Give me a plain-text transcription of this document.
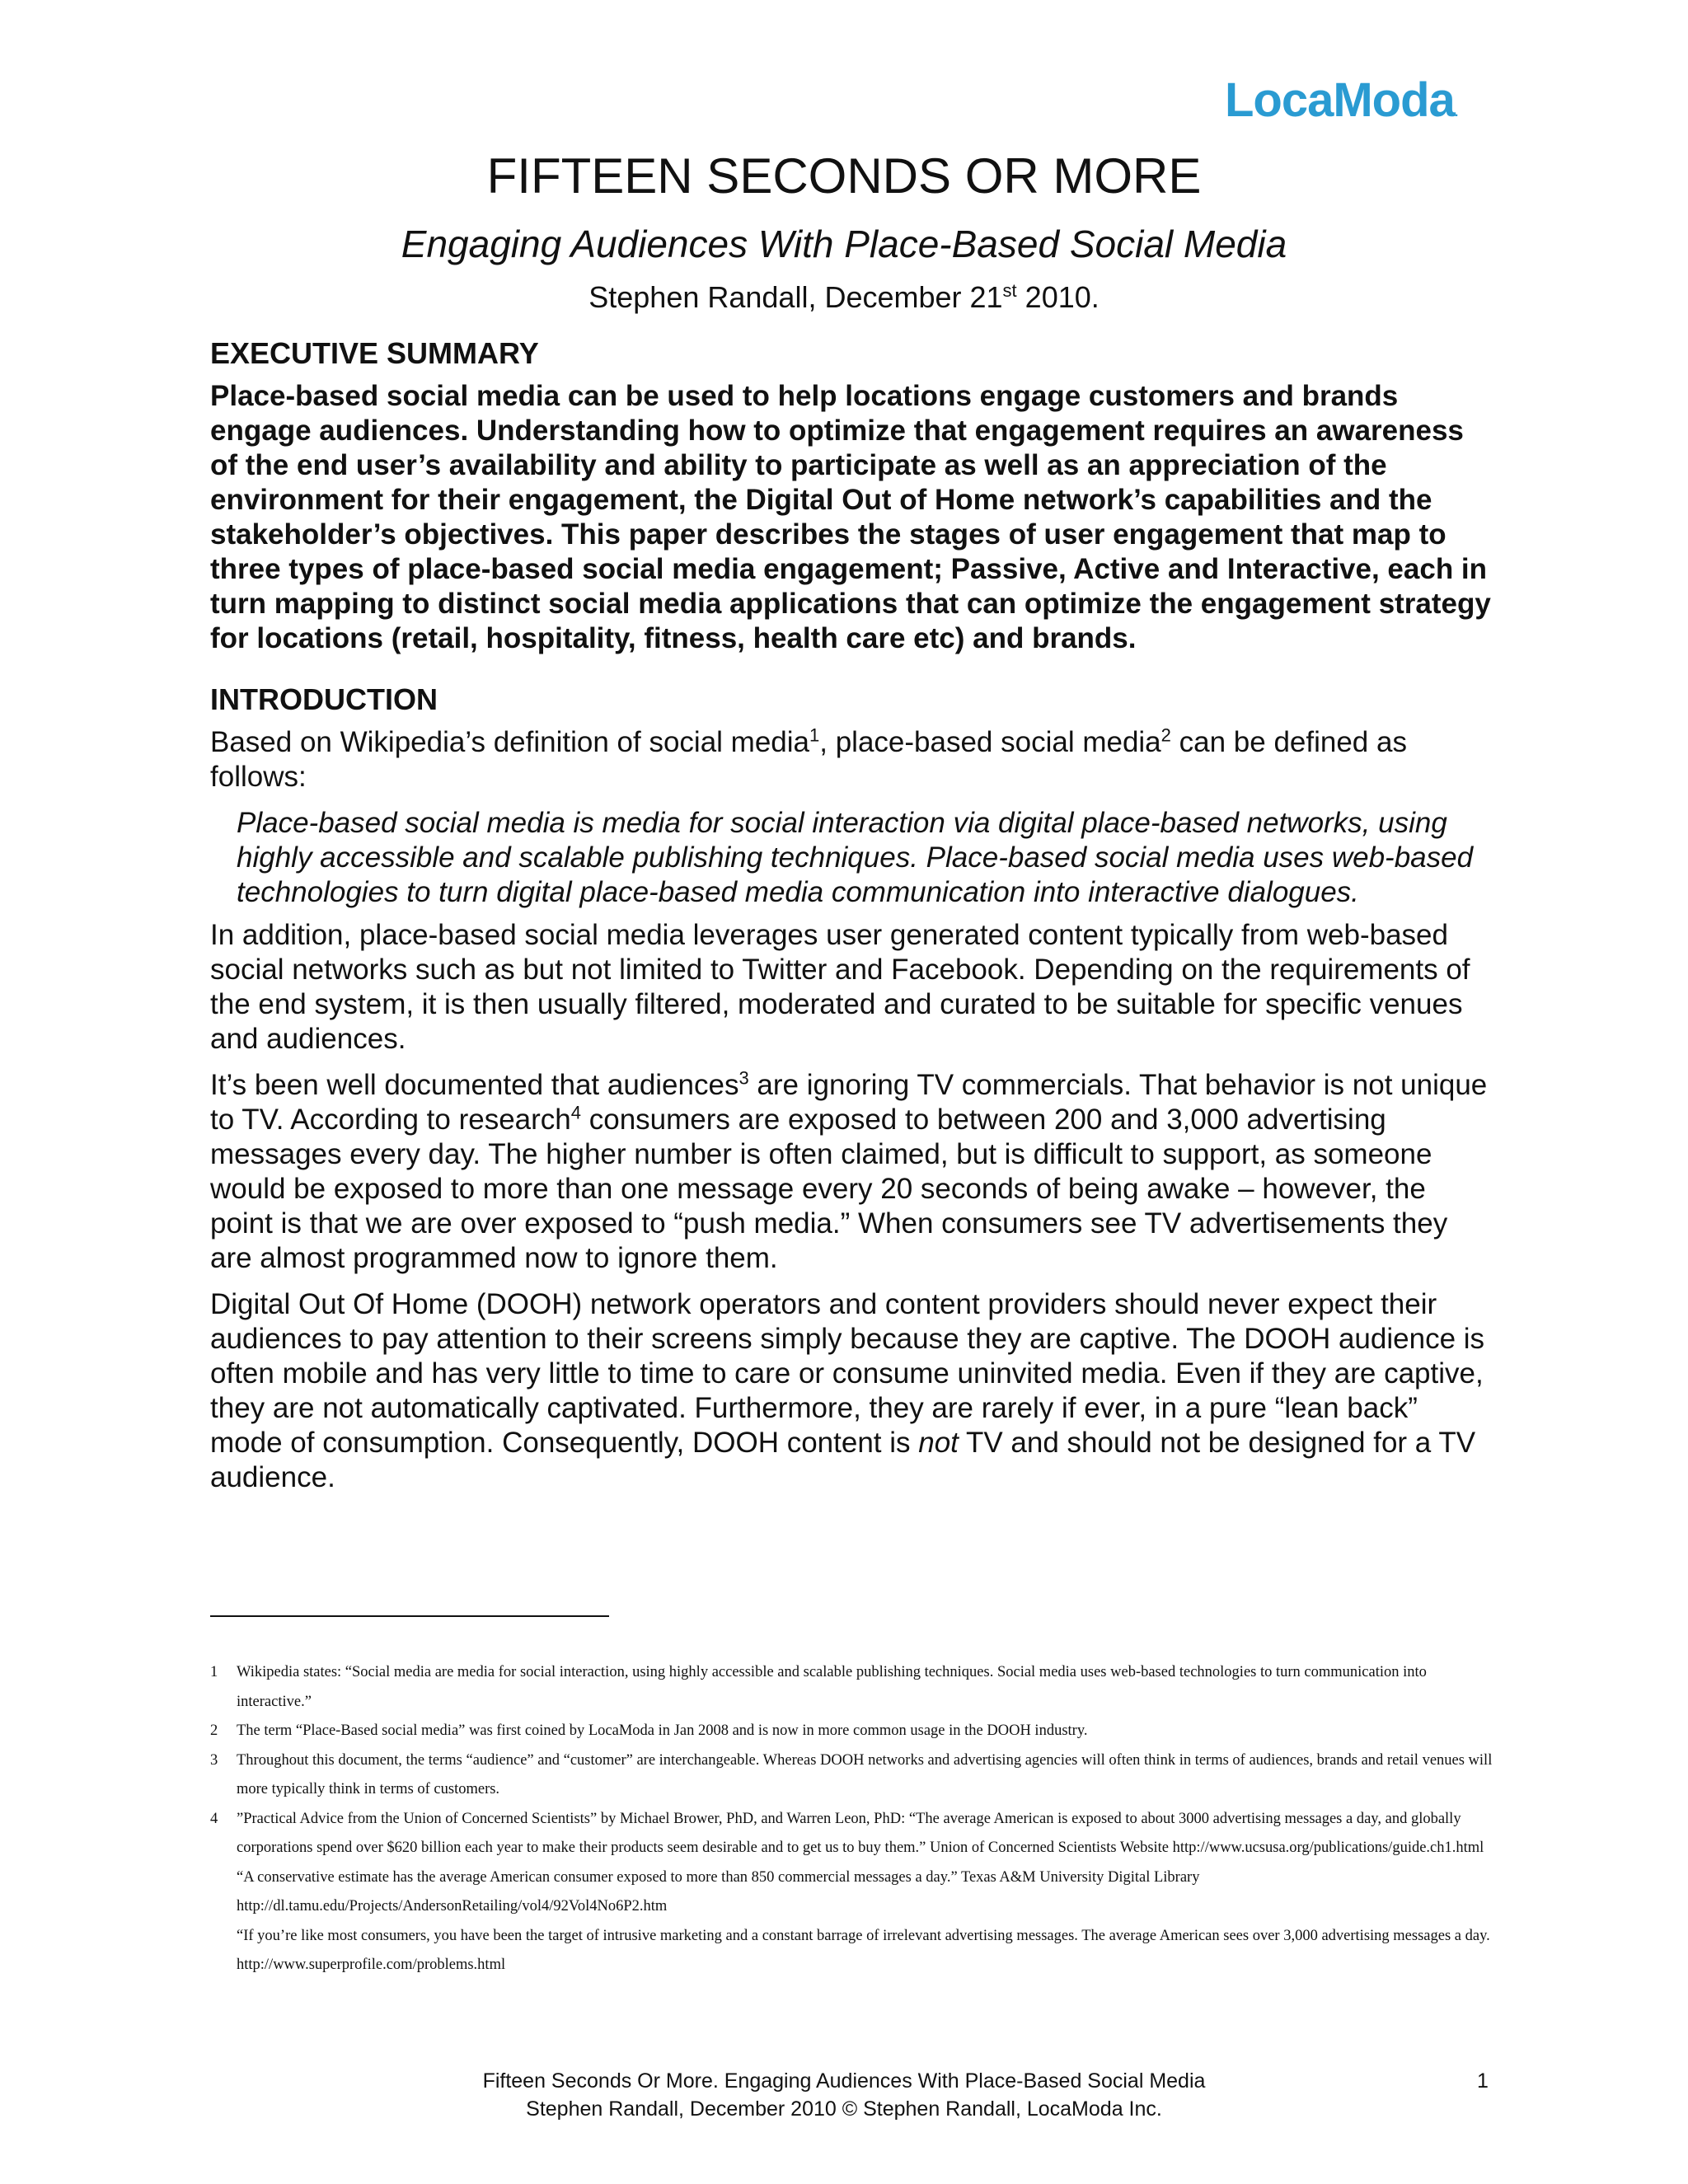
LocaModa.
FIFTEEN SECONDS OR MORE
Engaging Audiences With Place-Based Social Media
Stephen Randall, December 21st 2010.
EXECUTIVE SUMMARY
Place-based social media can be used to help locations engage customers and brands engage audiences. Understanding how to optimize that engagement requires an awareness of the end user’s availability and ability to participate as well as an appreciation of the environment for their engagement, the Digital Out of Home network’s capabilities and the stakeholder’s objectives. This paper describes the stages of user engagement that map to three types of place-based social media engagement; Passive, Active and Interactive, each in turn mapping to distinct social media applications that can optimize the engagement strategy for locations (retail, hospitality, fitness, health care etc) and brands.
INTRODUCTION
Based on Wikipedia’s definition of social media$^1$, place-based social media$^2$ can be defined as follows:
Place-based social media is media for social interaction via digital place-based networks, using highly accessible and scalable publishing techniques. Place-based social media uses web-based technologies to turn digital place-based media communication into interactive dialogues.
In addition, place-based social media leverages user generated content typically from web-based social networks such as but not limited to Twitter and Facebook. Depending on the requirements of the end system, it is then usually filtered, moderated and curated to be suitable for specific venues and audiences.
It’s been well documented that audiences$^3$ are ignoring TV commercials. That behavior is not unique to TV. According to research$^4$ consumers are exposed to between 200 and 3,000 advertising messages every day. The higher number is often claimed, but is difficult to support, as someone would be exposed to more than one message every 20 seconds of being awake – however, the point is that we are over exposed to “push media.” When consumers see TV advertisements they are almost programmed now to ignore them.
Digital Out Of Home (DOOH) network operators and content providers should never expect their audiences to pay attention to their screens simply because they are captive. The DOOH audience is often mobile and has very little to time to care or consume uninvited media. Even if they are captive, they are not automatically captivated. Furthermore, they are rarely if ever, in a pure “lean back” mode of consumption. Consequently, DOOH content is not TV and should not be designed for a TV audience.
1	Wikipedia states: “Social media are media for social interaction, using highly accessible and scalable publishing techniques. Social media uses web-based technologies to turn communication into interactive.”
2	The term “Place-Based social media” was first coined by LocaModa in Jan 2008 and is now in more common usage in the DOOH industry.
3	Throughout this document, the terms “audience” and “customer” are interchangeable. Whereas DOOH networks and advertising agencies will often think in terms of audiences, brands and retail venues will more typically think in terms of customers.
4	”Practical Advice from the Union of Concerned Scientists” by Michael Brower, PhD, and Warren Leon, PhD: “The average American is exposed to about 3000 advertising messages a day, and globally corporations spend over $620 billion each year to make their products seem desirable and to get us to buy them.” Union of Concerned Scientists Website http://www.ucsusa.org/publications/guide.ch1.html
“A conservative estimate has the average American consumer exposed to more than 850 commercial messages a day.” Texas A&M University Digital Library http://dl.tamu.edu/Projects/AndersonRetailing/vol4/92Vol4No6P2.htm
“If you’re like most consumers, you have been the target of intrusive marketing and a constant barrage of irrelevant advertising messages. The average American sees over 3,000 advertising messages a day. http://www.superprofile.com/problems.html
Fifteen Seconds Or More. Engaging Audiences With Place-Based Social Media
Stephen Randall, December 2010 © Stephen Randall, LocaModa Inc.
1
